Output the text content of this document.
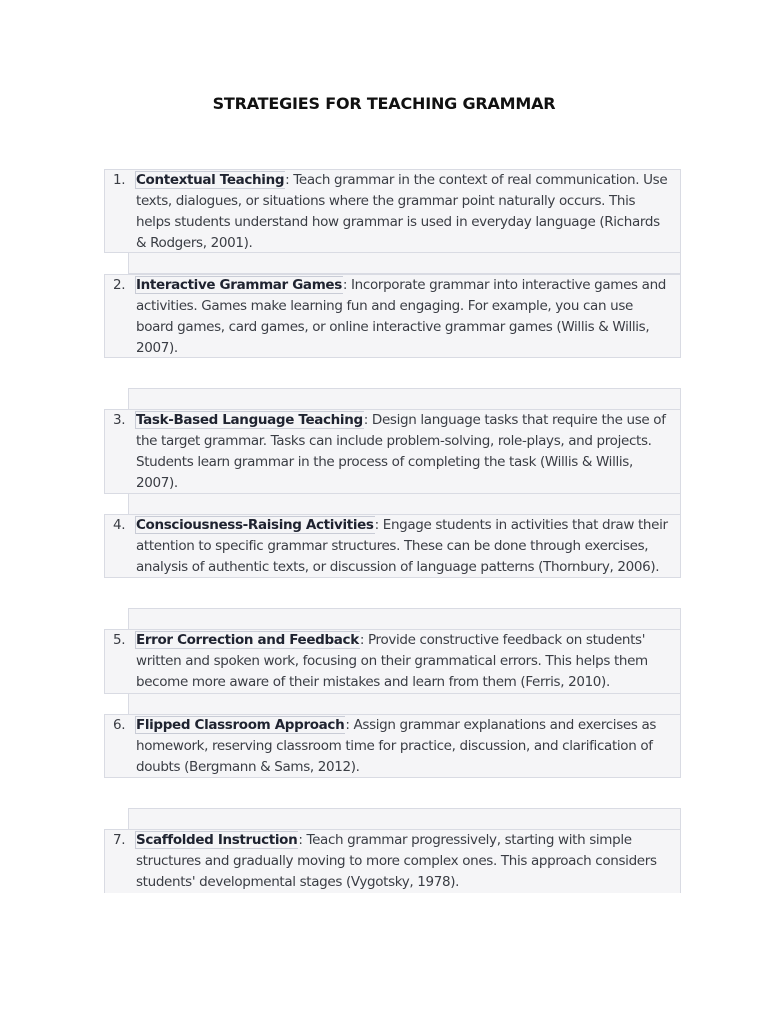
STRATEGIES FOR TEACHING GRAMMAR
1. Contextual Teaching: Teach grammar in the context of real communication. Use texts, dialogues, or situations where the grammar point naturally occurs. This helps students understand how grammar is used in everyday language (Richards & Rodgers, 2001).
2. Interactive Grammar Games: Incorporate grammar into interactive games and activities. Games make learning fun and engaging. For example, you can use board games, card games, or online interactive grammar games (Willis & Willis, 2007).
3. Task-Based Language Teaching: Design language tasks that require the use of the target grammar. Tasks can include problem-solving, role-plays, and projects. Students learn grammar in the process of completing the task (Willis & Willis, 2007).
4. Consciousness-Raising Activities: Engage students in activities that draw their attention to specific grammar structures. These can be done through exercises, analysis of authentic texts, or discussion of language patterns (Thornbury, 2006).
5. Error Correction and Feedback: Provide constructive feedback on students' written and spoken work, focusing on their grammatical errors. This helps them become more aware of their mistakes and learn from them (Ferris, 2010).
6. Flipped Classroom Approach: Assign grammar explanations and exercises as homework, reserving classroom time for practice, discussion, and clarification of doubts (Bergmann & Sams, 2012).
7. Scaffolded Instruction: Teach grammar progressively, starting with simple structures and gradually moving to more complex ones. This approach considers students' developmental stages (Vygotsky, 1978).
